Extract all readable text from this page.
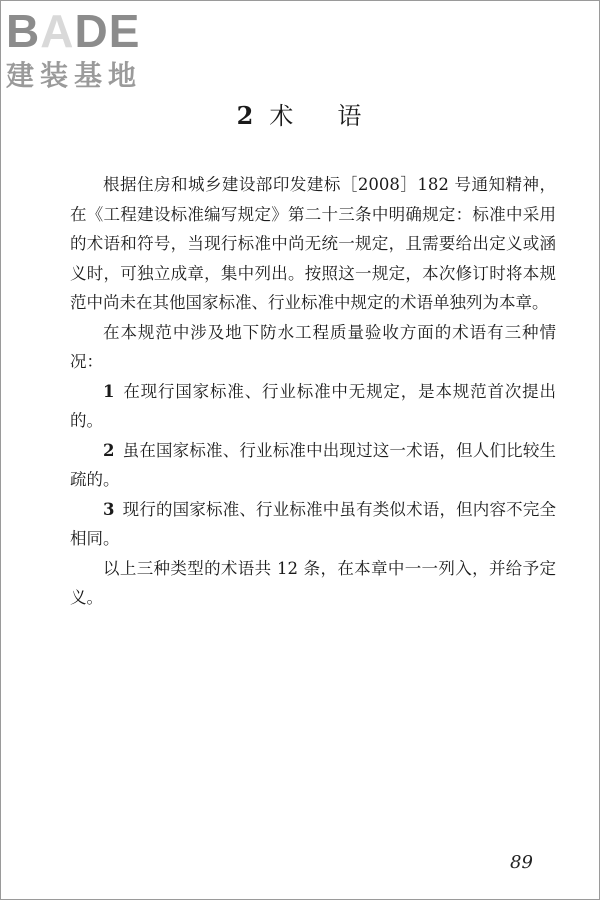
B A D E
建装基地
2 术 语

根据住房和城乡建设部印发建标［2008］182 号通知精神，在《工程建设标准编写规定》第二十三条中明确规定：标准中采用的术语和符号，当现行标准中尚无统一规定，且需要给出定义或涵义时，可独立成章，集中列出。按照这一规定，本次修订时将本规范中尚未在其他国家标准、行业标准中规定的术语单独列为本章。

在本规范中涉及地下防水工程质量验收方面的术语有三种情况：

1 在现行国家标准、行业标准中无规定，是本规范首次提出的。

2 虽在国家标准、行业标准中出现过这一术语，但人们比较生疏的。

3 现行的国家标准、行业标准中虽有类似术语，但内容不完全相同。

以上三种类型的术语共 12 条，在本章中一一列入，并给予定义。

89
